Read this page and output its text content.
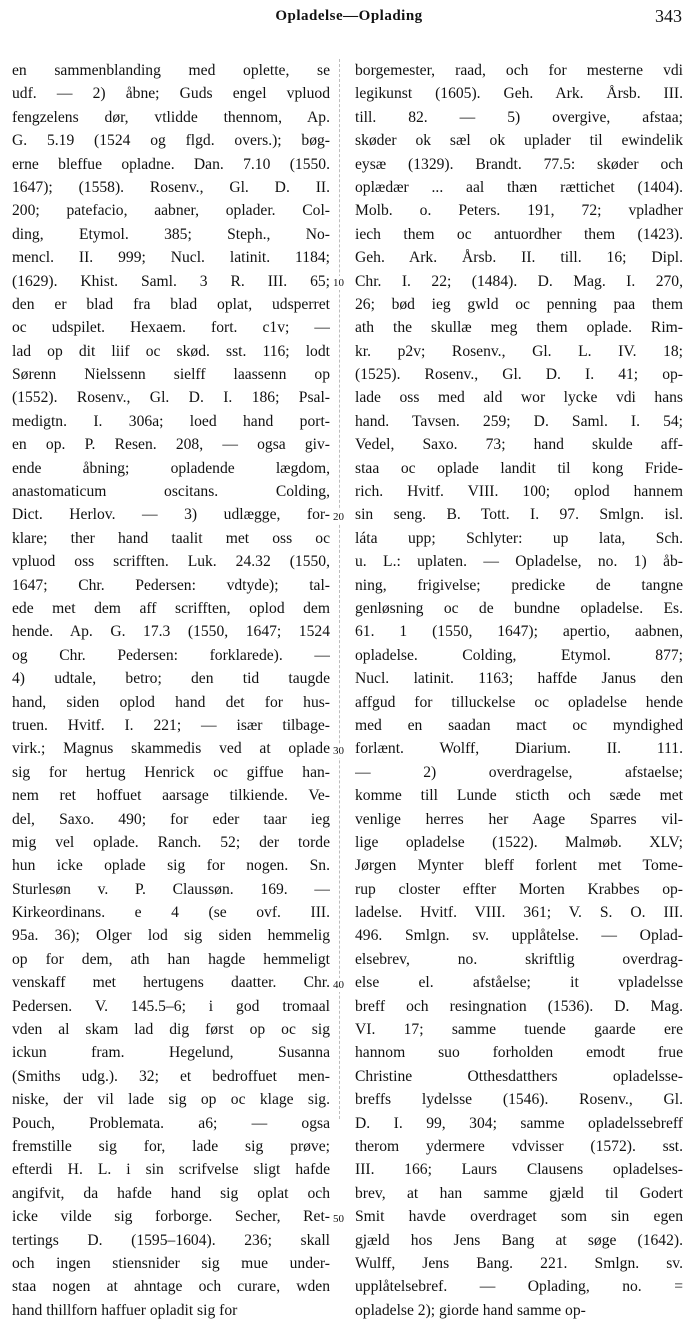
Opladelse—Oplading	343
en sammenblanding med oplette, se
udf. — 2) åbne; Guds engel vpluod
fengzelens dør, vtlidde thennom, Ap.
G. 5.19 (1524 og flgd. overs.); bøg-
erne bleffue opladne. Dan. 7.10 (1550.
1647); (1558). Rosenv., Gl. D. II.
200; patefacio, aabner, oplader. Col-
ding, Etymol. 385; Steph., No-
mencl. II. 999; Nucl. latinit. 1184;
(1629). Khist. Saml. 3 R. III. 65;
den er blad fra blad oplat, udsperret
oc udspilet. Hexaem. fort. c1v; —
lad op dit liif oc skød. sst. 116; lodt
Sørenn Nielssenn sielff laassenn op
(1552). Rosenv., Gl. D. I. 186; Psal-
medigtn. I. 306a; loed hand port-
en op. P. Resen. 208, — ogsa giv-
ende åbning; opladende lægdom,
anastomaticum oscitans. Colding,
Dict. Herlov. — 3) udlægge, for-
klare; ther hand taalit met oss oc
vpluod oss scrifften. Luk. 24.32 (1550,
1647; Chr. Pedersen: vdtyde); tal-
ede met dem aff scrifften, oplod dem
hende. Ap. G. 17.3 (1550, 1647; 1524
og Chr. Pedersen: forklarede). —
4) udtale, betro; den tid taugde
hand, siden oplod hand det for hus-
truen. Hvitf. I. 221; — især tilbage-
virk.; Magnus skammedis ved at oplade
sig for hertug Henrick oc giffue han-
nem ret hoffuet aarsage tilkiende. Ve-
del, Saxo. 490; for eder taar ieg
mig vel oplade. Ranch. 52; der torde
hun icke oplade sig for nogen. Sn.
Sturlesøn v. P. Claussøn. 169. —
Kirkeordinans. e 4 (se ovf. III.
95a. 36); Olger lod sig siden hemmelig
op for dem, ath han hagde hemmeligt
venskaff met hertugens daatter. Chr.
Pedersen. V. 145.5–6; i god tromaal
vden al skam lad dig først op oc sig
ickun fram. Hegelund, Susanna
(Smiths udg.). 32; et bedroffuet men-
niske, der vil lade sig op oc klage sig.
Pouch, Problemata. a6; — ogsa
fremstille sig for, lade sig prøve;
efterdi H. L. i sin scrifvelse sligt hafde
angifvit, da hafde hand sig oplat och
icke vilde sig forborge. Secher, Ret-
tertings D. (1595–1604). 236; skall
och ingen stiensnider sig mue under-
staa nogen at ahntage och curare, wden
hand thillforn haffuer opladit sig for
borgemester, raad, och for mesterne vdi
legikunst (1605). Geh. Ark. Årsb. III.
till. 82. — 5) overgive, afstaa;
skøder ok sæl ok uplader til ewindelik
eysæ (1329). Brandt. 77.5: skøder och
oplædær ... aal thæn rættichet (1404).
Molb. o. Peters. 191, 72; vpladher
iech them oc antuordher them (1423).
Geh. Ark. Årsb. II. till. 16; Dipl.
Chr. I. 22; (1484). D. Mag. I. 270,
26; bød ieg gwld oc penning paa them
ath the skullæ meg them oplade. Rim-
kr. p2v; Rosenv., Gl. L. IV. 18;
(1525). Rosenv., Gl. D. I. 41; op-
lade oss med ald wor lycke vdi hans
hand. Tavsen. 259; D. Saml. I. 54;
Vedel, Saxo. 73; hand skulde aff-
staa oc oplade landit til kong Fride-
rich. Hvitf. VIII. 100; oplod hannem
sin seng. B. Tott. I. 97. Smlgn. isl.
láta upp; Schlyter: up lata, Sch.
u. L.: uplaten. — Opladelse, no. 1) åb-
ning, frigivelse; predicke de tangne
genløsning oc de bundne opladelse. Es.
61. 1 (1550, 1647); apertio, aabnen,
opladelse. Colding, Etymol. 877;
Nucl. latinit. 1163; haffde Janus den
affgud for tilluckelse oc opladelse hende
med en saadan mact oc myndighed
forlænt. Wolff, Diarium. II. 111.
— 2) overdragelse, afstaelse;
komme till Lunde sticth och sæde met
venlige herres her Aage Sparres vil-
lige opladelse (1522). Malmøb. XLV;
Jørgen Mynter bleff forlent met Tome-
rup closter effter Morten Krabbes op-
ladelse. Hvitf. VIII. 361; V. S. O. III.
496. Smlgn. sv. upplåtelse. — Oplad-
elsebrev, no. skriftlig overdrag-
else el. afståelse; it vpladelsse
breff och resingnation (1536). D. Mag.
VI. 17; samme tuende gaarde ere
hannom suo forholden emodt frue
Christine Otthesdatthers opladelsse-
breffs lydelsse (1546). Rosenv., Gl.
D. I. 99, 304; samme opladelssebreff
therom ydermere vdvisser (1572). sst.
III. 166; Laurs Clausens opladelses-
brev, at han samme gjæld til Godert
Smit havde overdraget som sin egen
gjæld hos Jens Bang at søge (1642).
Wulff, Jens Bang. 221. Smlgn. sv.
upplåtelsebref. — Oplading, no. =
opladelse 2); giorde hand samme op-
10
20
30
40
50
